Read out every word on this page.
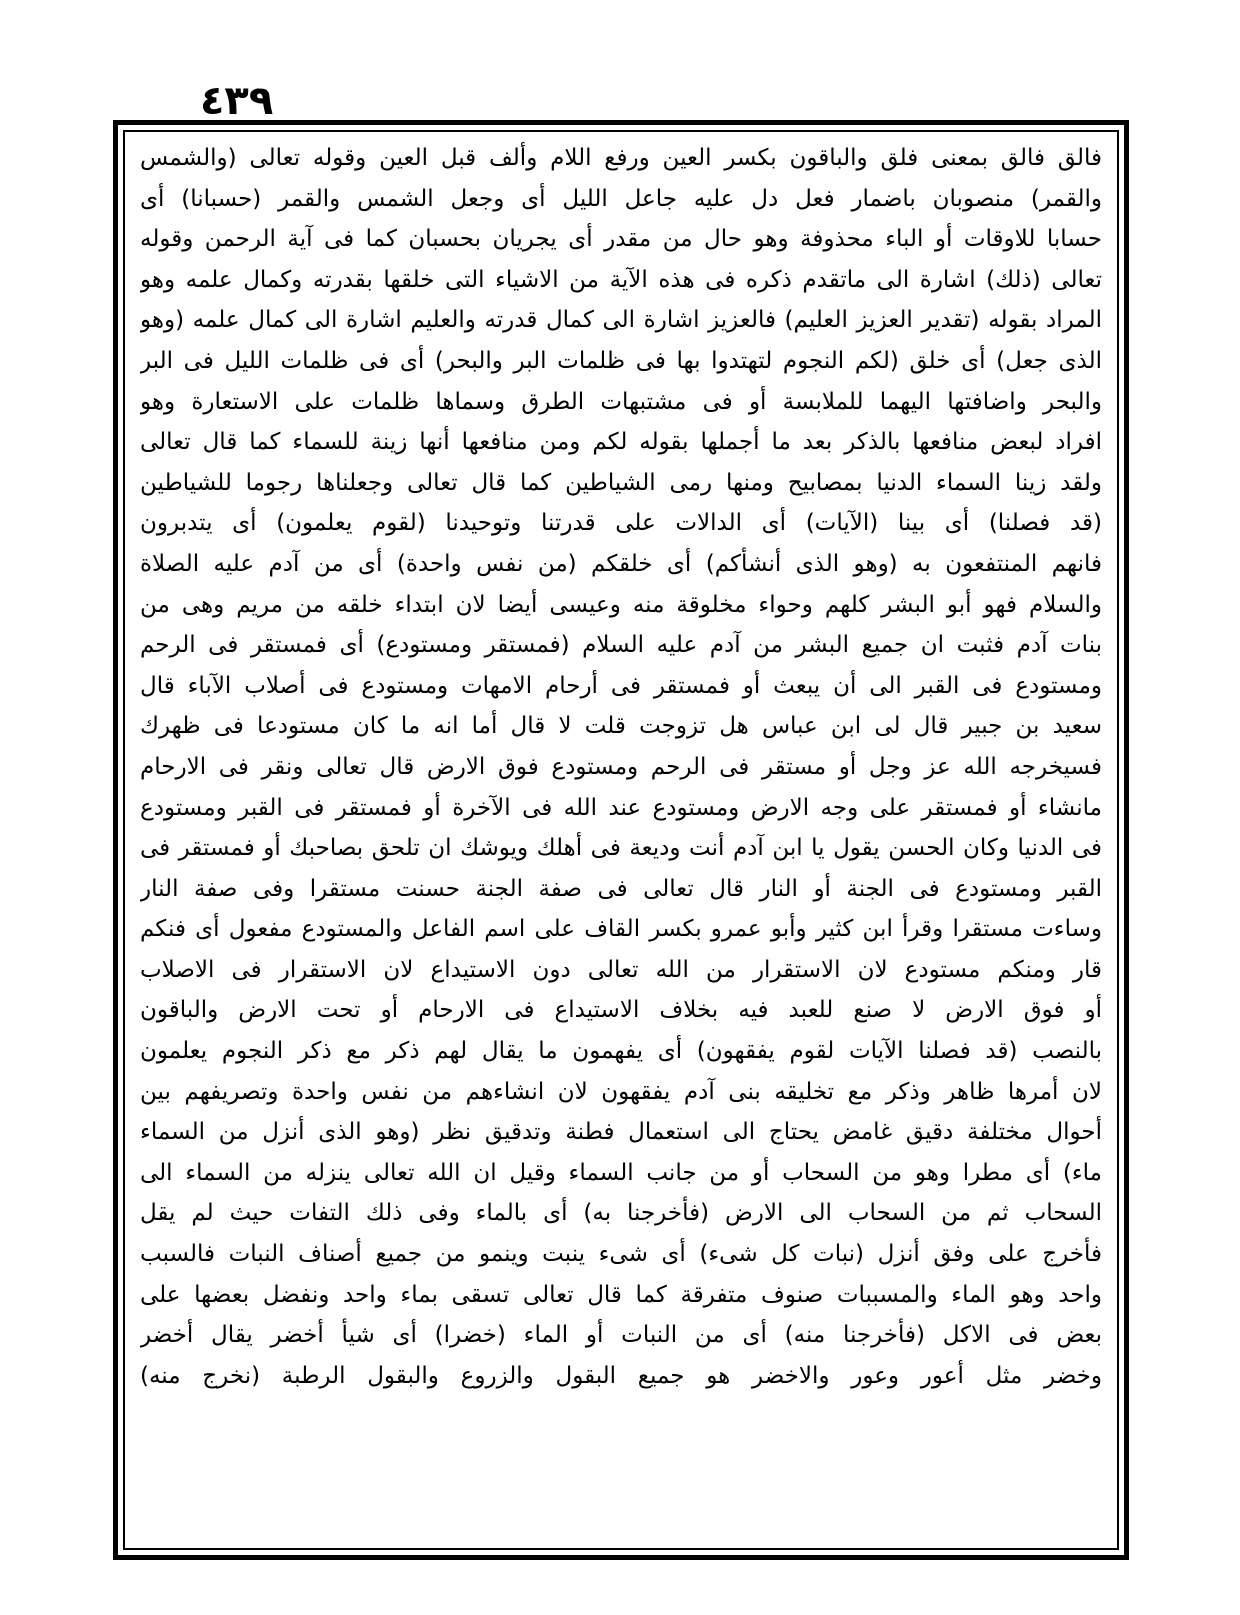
٤٣٩
فالق فالق بمعنى فلق والباقون بكسر العين ورفع اللام وألف قبل العين وقوله تعالى (والشمس
والقمر) منصوبان باضمار فعل دل عليه جاعل الليل أى وجعل الشمس والقمر (حسبانا) أى
حسابا للاوقات أو الباء محذوفة وهو حال من مقدر أى يجريان بحسبان كما فى آية الرحمن وقوله
تعالى (ذلك) اشارة الى ماتقدم ذكره فى هذه الآية من الاشياء التى خلقها بقدرته وكمال علمه وهو
المراد بقوله (تقدير العزيز العليم) فالعزيز اشارة الى كمال قدرته والعليم اشارة الى كمال علمه (وهو
الذى جعل) أى خلق (لكم النجوم لتهتدوا بها فى ظلمات البر والبحر) أى فى ظلمات الليل فى البر
والبحر واضافتها اليهما للملابسة أو فى مشتبهات الطرق وسماها ظلمات على الاستعارة وهو
افراد لبعض منافعها بالذكر بعد ما أجملها بقوله لكم ومن منافعها أنها زينة للسماء كما قال تعالى
ولقد زينا السماء الدنيا بمصابيح ومنها رمى الشياطين كما قال تعالى وجعلناها رجوما للشياطين
(قد فصلنا) أى بينا (الآيات) أى الدالات على قدرتنا وتوحيدنا (لقوم يعلمون) أى يتدبرون
فانهم المنتفعون به (وهو الذى أنشأكم) أى خلقكم (من نفس واحدة) أى من آدم عليه الصلاة
والسلام فهو أبو البشر كلهم وحواء مخلوقة منه وعيسى أيضا لان ابتداء خلقه من مريم وهى من
بنات آدم فثبت ان جميع البشر من آدم عليه السلام (فمستقر ومستودع) أى فمستقر فى الرحم
ومستودع فى القبر الى أن يبعث أو فمستقر فى أرحام الامهات ومستودع فى أصلاب الآباء قال
سعيد بن جبير قال لى ابن عباس هل تزوجت قلت لا قال أما انه ما كان مستودعا فى ظهرك
فسيخرجه الله عز وجل أو مستقر فى الرحم ومستودع فوق الارض قال تعالى ونقر فى الارحام
مانشاء أو فمستقر على وجه الارض ومستودع عند الله فى الآخرة أو فمستقر فى القبر ومستودع
فى الدنيا وكان الحسن يقول يا ابن آدم أنت وديعة فى أهلك ويوشك ان تلحق بصاحبك أو فمستقر فى
القبر ومستودع فى الجنة أو النار قال تعالى فى صفة الجنة حسنت مستقرا وفى صفة النار
وساءت مستقرا وقرأ ابن كثير وأبو عمرو بكسر القاف على اسم الفاعل والمستودع مفعول أى فنكم
قار ومنكم مستودع لان الاستقرار من الله تعالى دون الاستيداع لان الاستقرار فى الاصلاب
أو فوق الارض لا صنع للعبد فيه بخلاف الاستيداع فى الارحام أو تحت الارض والباقون
بالنصب (قد فصلنا الآيات لقوم يفقهون) أى يفهمون ما يقال لهم ذكر مع ذكر النجوم يعلمون
لان أمرها ظاهر وذكر مع تخليقه بنى آدم يفقهون لان انشاءهم من نفس واحدة وتصريفهم بين
أحوال مختلفة دقيق غامض يحتاج الى استعمال فطنة وتدقيق نظر (وهو الذى أنزل من السماء
ماء) أى مطرا وهو من السحاب أو من جانب السماء وقيل ان الله تعالى ينزله من السماء الى
السحاب ثم من السحاب الى الارض (فأخرجنا به) أى بالماء وفى ذلك التفات حيث لم يقل
فأخرج على وفق أنزل (نبات كل شىء) أى شىء ينبت وينمو من جميع أصناف النبات فالسبب
واحد وهو الماء والمسببات صنوف متفرقة كما قال تعالى تسقى بماء واحد ونفضل بعضها على
بعض فى الاكل (فأخرجنا منه) أى من النبات أو الماء (خضرا) أى شيأ أخضر يقال أخضر
وخضر مثل أعور وعور والاخضر هو جميع البقول والزروع والبقول الرطبة (نخرج منه)
